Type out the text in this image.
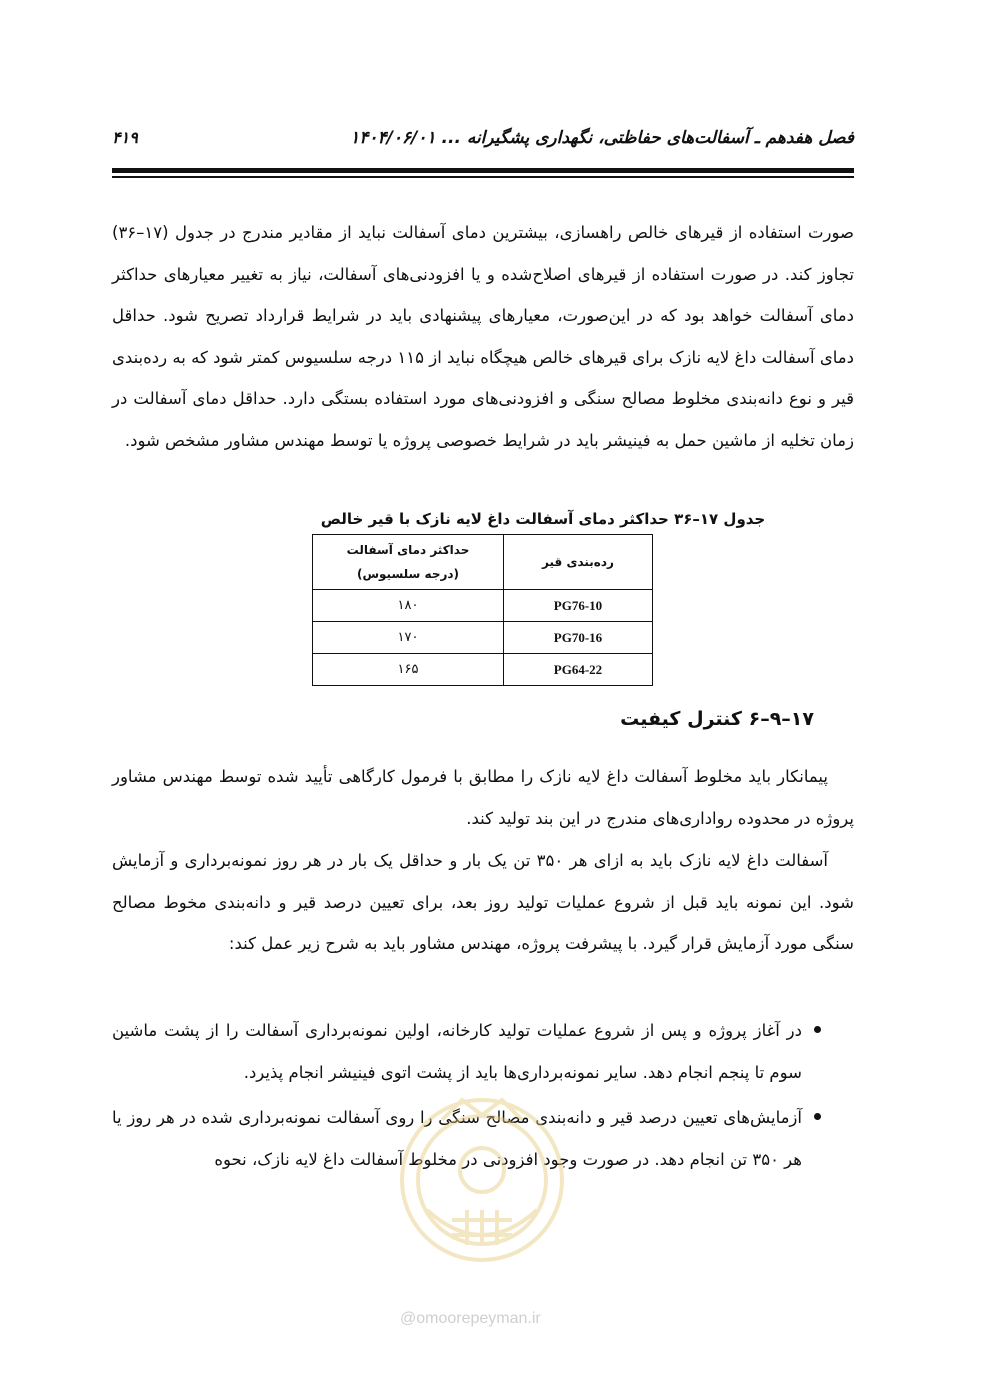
فصل هفدهم ـ آسفالت‌های حفاظتی، نگهداری پشگیرانه ... ۱۴۰۴/۰۶/۰۱
۴۱۹

صورت استفاده از قیرهای خالص راهسازی، بیشترین دمای آسفالت نباید از مقادیر مندرج در جدول (۱۷–۳۶) تجاوز کند. در صورت استفاده از قیرهای اصلاح‌شده و یا افزودنی‌های آسفالت، نیاز به تغییر معیارهای حداکثر دمای آسفالت خواهد بود که در این‌صورت، معیارهای پیشنهادی باید در شرایط قرارداد تصریح شود. حداقل دمای آسفالت داغ لایه نازک برای قیرهای خالص هیچگاه نباید از ۱۱۵ درجه سلسیوس کمتر شود که به رده‌بندی قیر و نوع دانه‌بندی مخلوط مصالح سنگی و افزودنی‌های مورد استفاده بستگی دارد. حداقل دمای آسفالت در زمان تخلیه از ماشین حمل به فینیشر باید در شرایط خصوصی پروژه یا توسط مهندس مشاور مشخص شود.

جدول ۱۷–۳۶ حداکثر دمای آسفالت داغ لایه نازک با قیر خالص
رده‌بندی قیر	حداکثر دمای آسفالت
(درجه سلسیوس)

PG76-10	۱۸۰
PG70-16	۱۷۰
PG64-22	۱۶۵
۱۷–۹–۶ کنترل کیفیت

پیمانکار باید مخلوط آسفالت داغ لایه نازک را مطابق با فرمول کارگاهی تأیید شده توسط مهندس مشاور پروژه در محدوده رواداری‌های مندرج در این بند تولید کند.

آسفالت داغ لایه نازک باید به ازای هر ۳۵۰ تن یک بار و حداقل یک بار در هر روز نمونه‌برداری و آزمایش شود. این نمونه باید قبل از شروع عملیات تولید روز بعد، برای تعیین درصد قیر و دانه‌بندی مخوط مصالح سنگی مورد آزمایش قرار گیرد. با پیشرفت پروژه، مهندس مشاور باید به شرح زیر عمل کند:

در آغاز پروژه و پس از شروع عملیات تولید کارخانه، اولین نمونه‌برداری آسفالت را از پشت ماشین سوم تا پنجم انجام دهد. سایر نمونه‌برداری‌ها باید از پشت اتوی فینیشر انجام پذیرد.
آزمایش‌های تعیین درصد قیر و دانه‌بندی مصالح سنگی را روی آسفالت نمونه‌برداری شده در هر روز یا هر ۳۵۰ تن انجام دهد. در صورت وجود افزودنی در مخلوط آسفالت داغ لایه نازک، نحوه
@omoorepeyman.ir
